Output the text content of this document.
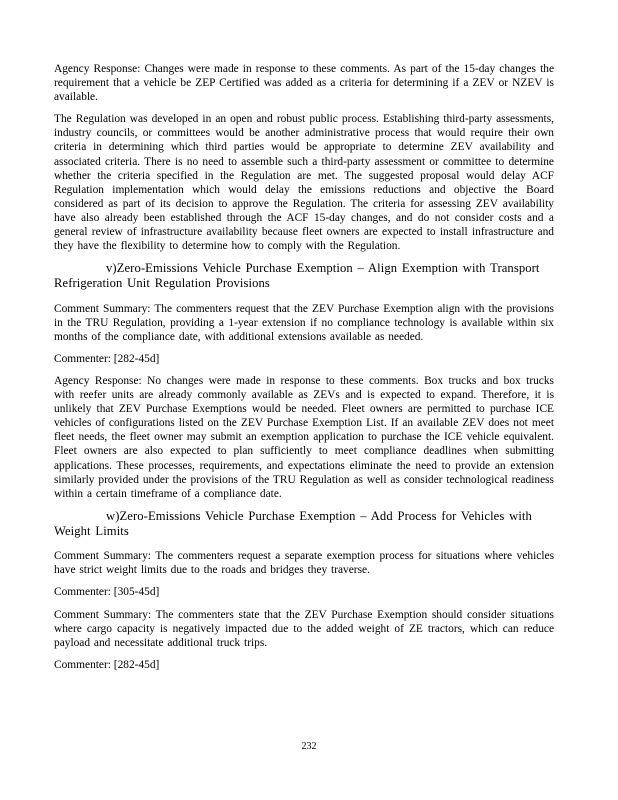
Agency Response: Changes were made in response to these comments. As part of the 15-day changes the requirement that a vehicle be ZEP Certified was added as a criteria for determining if a ZEV or NZEV is available.

The Regulation was developed in an open and robust public process. Establishing third-party assessments, industry councils, or committees would be another administrative process that would require their own criteria in determining which third parties would be appropriate to determine ZEV availability and associated criteria. There is no need to assemble such a third-party assessment or committee to determine whether the criteria specified in the Regulation are met. The suggested proposal would delay ACF Regulation implementation which would delay the emissions reductions and objective the Board considered as part of its decision to approve the Regulation. The criteria for assessing ZEV availability have also already been established through the ACF 15-day changes, and do not consider costs and a general review of infrastructure availability because fleet owners are expected to install infrastructure and they have the flexibility to determine how to comply with the Regulation.

v)Zero-Emissions Vehicle Purchase Exemption – Align Exemption with Transport Refrigeration Unit Regulation Provisions

Comment Summary: The commenters request that the ZEV Purchase Exemption align with the provisions in the TRU Regulation, providing a 1-year extension if no compliance technology is available within six months of the compliance date, with additional extensions available as needed.

Commenter: [282-45d]

Agency Response: No changes were made in response to these comments. Box trucks and box trucks with reefer units are already commonly available as ZEVs and is expected to expand. Therefore, it is unlikely that ZEV Purchase Exemptions would be needed. Fleet owners are permitted to purchase ICE vehicles of configurations listed on the ZEV Purchase Exemption List. If an available ZEV does not meet fleet needs, the fleet owner may submit an exemption application to purchase the ICE vehicle equivalent. Fleet owners are also expected to plan sufficiently to meet compliance deadlines when submitting applications. These processes, requirements, and expectations eliminate the need to provide an extension similarly provided under the provisions of the TRU Regulation as well as consider technological readiness within a certain timeframe of a compliance date.

w)Zero-Emissions Vehicle Purchase Exemption – Add Process for Vehicles with Weight Limits

Comment Summary: The commenters request a separate exemption process for situations where vehicles have strict weight limits due to the roads and bridges they traverse.

Commenter: [305-45d]

Comment Summary: The commenters state that the ZEV Purchase Exemption should consider situations where cargo capacity is negatively impacted due to the added weight of ZE tractors, which can reduce payload and necessitate additional truck trips.

Commenter: [282-45d]

232
